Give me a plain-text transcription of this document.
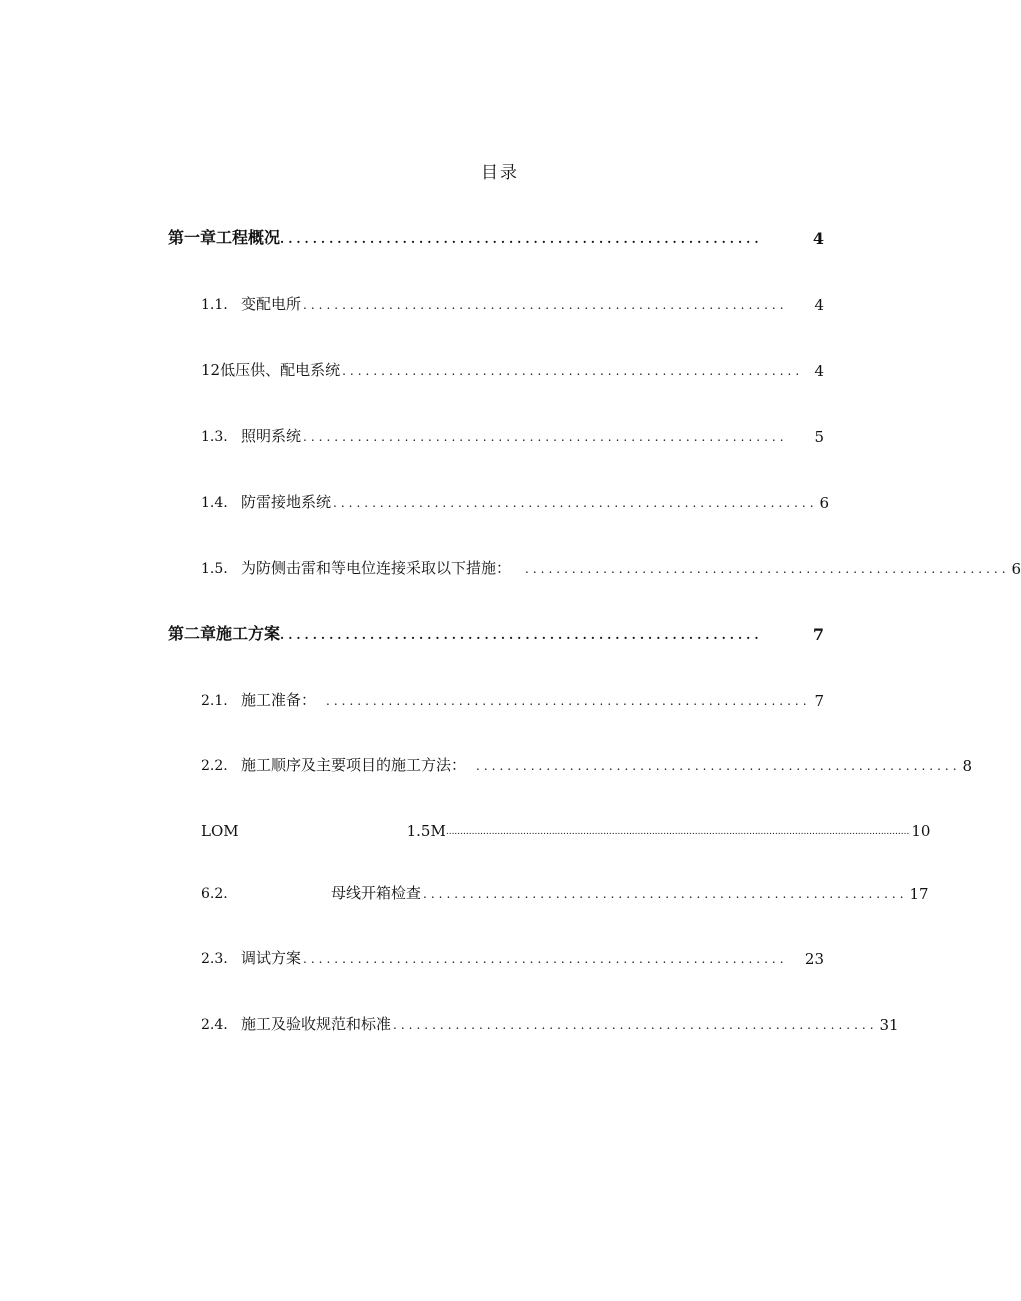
目录
第一章工程概况 ...........................................................	4
1.1. 变配电所 ..............................................................	4
12低压供、配电系统 ........................................................... 4
1.3. 照明系统 ..............................................................	5
1.4. 防雷接地系统 .............................................................. 6
1.5. 为防侧击雷和等电位连接采取以下措施： .............................................................. 6
第二章施工方案 ...........................................................	7
2.1. 施工准备： .............................................................. 7
2.2. 施工顺序及主要项目的施工方法： .............................................................. 8
LOM	1.5M .................................................................................................................................................................. 10
6.2.	母线开箱检查 .............................................................. 17
2.3. 调试方案 ..............................................................	23
2.4. 施工及验收规范和标准 .............................................................. 31
